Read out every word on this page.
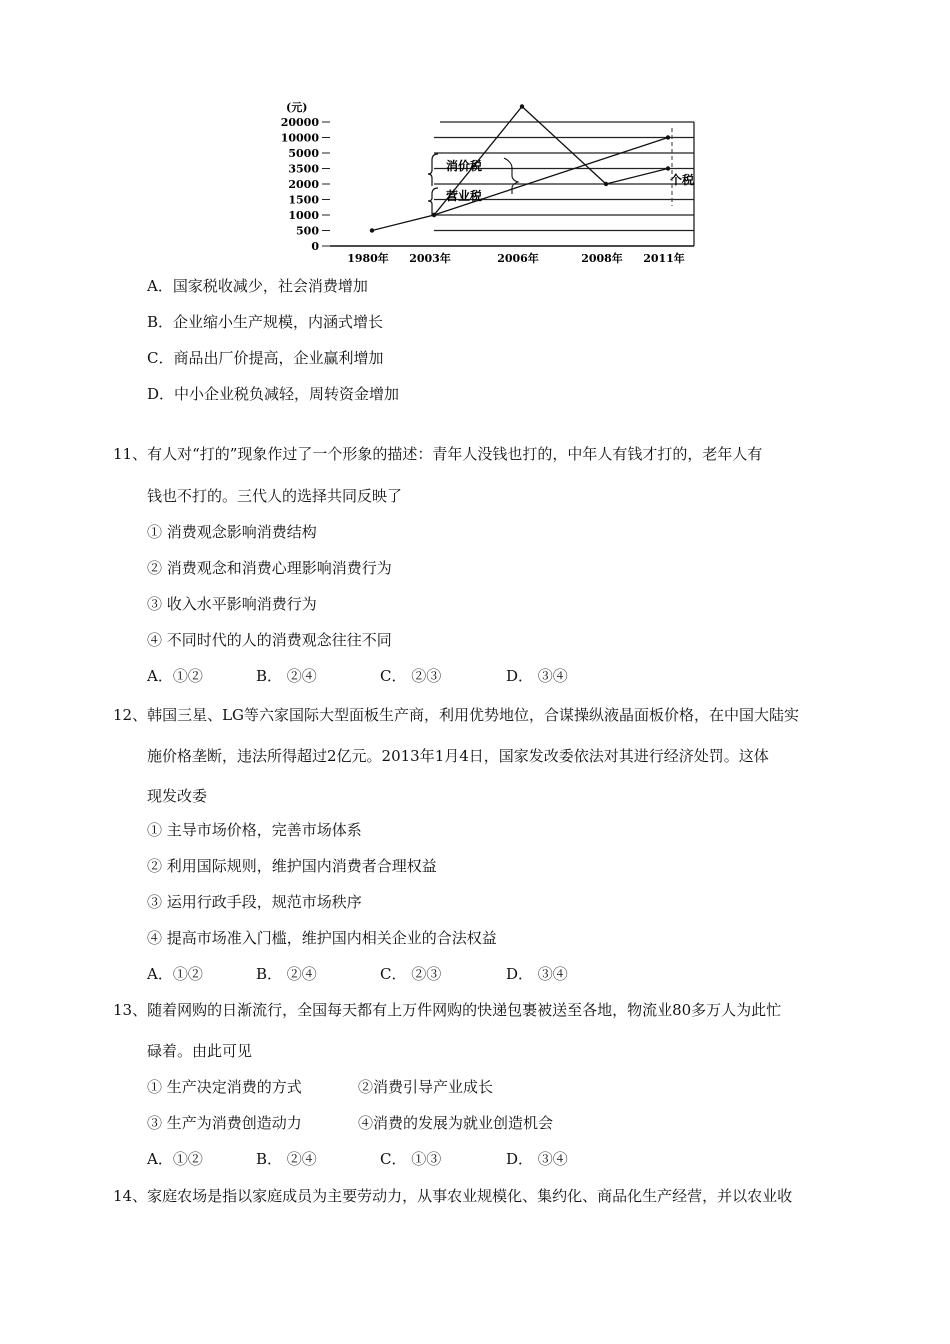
(元)
20000
10000
5000
3500
2000
1500
1000
500
0
1980年 2003年	2006年	2008年 2011年
消价税
营业税
个税
A．国家税收减少，社会消费增加
B．企业缩小生产规模，内涵式增长
C．商品出厂价提高，企业赢利增加
D．中小企业税负减轻，周转资金增加
11、有人对“打的”现象作过了一个形象的描述：青年人没钱也打的，中年人有钱才打的，老年人有
钱也不打的。三代人的选择共同反映了
① 消费观念影响消费结构
② 消费观念和消费心理影响消费行为
③ 收入水平影响消费行为
④ 不同时代的人的消费观念往往不同
A．①②	B． ②④	C． ②③	D． ③④
12、韩国三星、LG等六家国际大型面板生产商，利用优势地位，合谋操纵液晶面板价格，在中国大陆实
施价格垄断，违法所得超过2亿元。2013年1月4日，国家发改委依法对其进行经济处罚。这体
现发改委
① 主导市场价格，完善市场体系
② 利用国际规则，维护国内消费者合理权益
③ 运用行政手段，规范市场秩序
④ 提高市场准入门槛，维护国内相关企业的合法权益
A．①②	B． ②④	C． ②③	D． ③④
13、随着网购的日渐流行，全国每天都有上万件网购的快递包裹被送至各地，物流业80多万人为此忙
碌着。由此可见
① 生产决定消费的方式	②消费引导产业成长
③ 生产为消费创造动力	④消费的发展为就业创造机会
A．①②	B． ②④	C． ①③	D． ③④
14、家庭农场是指以家庭成员为主要劳动力，从事农业规模化、集约化、商品化生产经营，并以农业收
